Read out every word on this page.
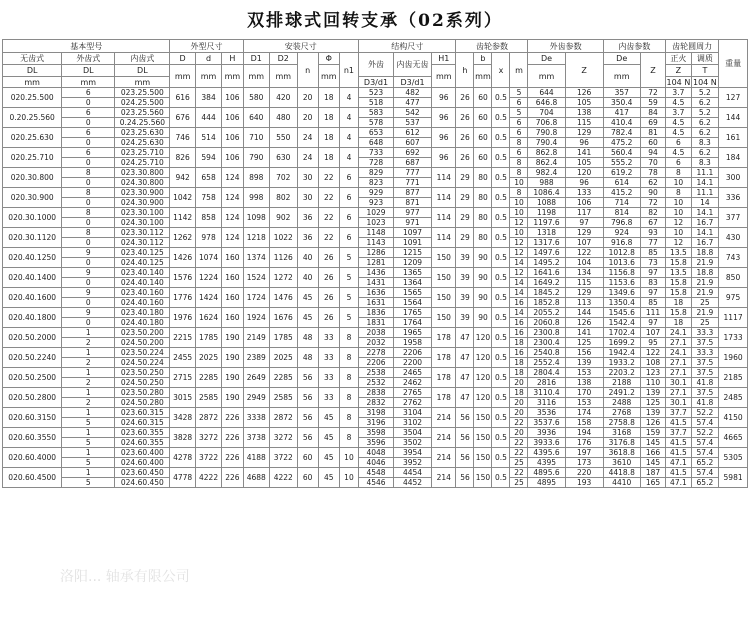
双排球式回转支承（02系列）
基本型号			外型尺寸			安装尺寸					结构尺寸			齿轮参数				外齿参数		内齿参数		齿轮圆周力		重量
无齿式	外齿式	内齿式	D	d	H	D1	D2	n	Φ	n1	外齿	内齿无齿	H1	h	b	x	m	De	Z	De	Z	正火	调质	
DL	DL	DL	mm	mm	mm	mm	mm		mm				mm		mm			mm		mm		Z	T	
mm	mm	mm									D3/d1	D3/d1										104 N	104 N	
020.25.500	6	023.25.500	616	384	106	580	420	20	18	4	523	482	96	26	60	0.5	5	644	126	357	72	3.7	5.2	127
	0	024.25.500									518	477					6	646.8	105	350.4	59	4.5	6.2	
0.20.25.560	6	023.25.560	676	444	106	640	480	20	18	4	583	542	96	26	60	0.5	5	704	138	417	84	3.7	5.2	144
	0	0.24.25.560									578	537					6	706.8	115	410.4	69	4.5	6.2	
020.25.630	6	023.25.630	746	514	106	710	550	24	18	4	653	612	96	26	60	0.5	6	790.8	129	782.4	81	4.5	6.2	161
	0	024.25.630									648	607					8	790.4	96	475.2	60	6	8.3	
020.25.710	6	023.25.710	826	594	106	790	630	24	18	4	733	692	96	26	60	0.5	6	862.8	141	560.4	94	4.5	6.2	184
	0	024.25.710									728	687					8	862.4	105	555.2	70	6	8.3	
020.30.800	8	023.30.800	942	658	124	898	702	30	22	6	829	777	114	29	80	0.5	8	982.4	120	619.2	78	8	11.1	300
	0	024.30.800									823	771					10	988	96	614	62	10	14.1	
020.30.900	8	023.30.900	1042	758	124	998	802	30	22	6	929	877	114	29	80	0.5	8	1086.4	133	415.2	90	8	11.1	336
	0	024.30.900									923	871					10	1088	106	714	72	10	14	
020.30.1000	8	023.30.100	1142	858	124	1098	902	36	22	6	1029	977	114	29	80	0.5	10	1198	117	814	82	10	14.1	377
	0	024.30.100									1023	971					12	1197.6	97	796.8	67	12	16.7	
020.30.1120	8	023.30.112	1262	978	124	1218	1022	36	22	6	1148	1097	114	29	80	0.5	10	1318	129	924	93	10	14.1	430
	0	024.30.112									1143	1091					12	1317.6	107	916.8	77	12	16.7	
020.40.1250	9	023.40.125	1426	1074	160	1374	1126	40	26	5	1286	1215	150	39	90	0.5	12	1497.6	122	1012.8	85	13.5	18.8	743
	0	024.40.125									1281	1209					14	1495.2	104	1013.6	73	15.8	21.9	
020.40.1400	9	023.40.140	1576	1224	160	1524	1272	40	26	5	1436	1365	150	39	90	0.5	12	1641.6	134	1156.8	97	13.5	18.8	850
	0	024.40.140									1431	1364					14	1649.2	115	1153.6	83	15.8	21.9	
020.40.1600	9	023.40.160	1776	1424	160	1724	1476	45	26	5	1636	1565	150	39	90	0.5	14	1845.2	129	1349.6	97	15.8	21.9	975
	0	024.40.160									1631	1564					16	1852.8	113	1350.4	85	18	25	
020.40.1800	9	023.40.180	1976	1624	160	1924	1676	45	26	5	1836	1765	150	39	90	0.5	14	2055.2	144	1545.6	111	15.8	21.9	1117
	0	024.40.180									1831	1764					16	2060.8	126	1542.4	97	18	25	
020.50.2000	1	023.50.200	2215	1785	190	2149	1785	48	33	8	2038	1965	178	47	120	0.5	16	2300.8	141	1702.4	107	24.1	33.3	1733
	2	024.50.200									2032	1958					18	2300.4	125	1699.2	95	27.1	37.5	
020.50.2240	1	023.50.224	2455	2025	190	2389	2025	48	33	8	2278	2206	178	47	120	0.5	16	2540.8	156	1942.4	122	24.1	33.3	1960
	2	024.50.224									2206	2200					18	2552.4	139	1933.2	108	27.1	37.5	
020.50.2500	1	023.50.250	2715	2285	190	2649	2285	56	33	8	2538	2465	178	47	120	0.5	18	2804.4	153	2203.2	123	27.1	37.5	2185
	2	024.50.250									2532	2462					20	2816	138	2188	110	30.1	41.8	
020.50.2800	1	023.50.280	3015	2585	190	2949	2585	56	33	8	2838	2765	178	47	120	0.5	18	3110.4	170	2491.2	139	27.1	37.5	2485
	2	024.50.280									2832	2762					20	3116	153	2488	125	30.1	41.8	
020.60.3150	1	023.60.315	3428	2872	226	3338	2872	56	45	8	3198	3104	214	56	150	0.5	20	3536	174	2768	139	37.7	52.2	4150
	5	024.60.315									3196	3102					22	3537.6	158	2758.8	126	41.5	57.4	
020.60.3550	1	023.60.355	3828	3272	226	3738	3272	56	45	8	3598	3504	214	56	150	0.5	20	3936	194	3168	159	37.7	52.2	4665
	5	024.60.355									3596	3502					22	3933.6	176	3176.8	145	41.5	57.4	
020.60.4000	1	023.60.400	4278	3722	226	4188	3722	60	45	10	4048	3954	214	56	150	0.5	22	4395.6	197	3618.8	166	41.5	57.4	5305
	5	024.60.400									4046	3952					25	4395	173	3610	145	47.1	65.2	
020.60.4500	1	023.60.450	4778	4222	226	4688	4222	60	45	10	4548	4454	214	56	150	0.5	22	4895.6	220	4418.8	187	41.5	57.4	5981
	5	024.60.450									4546	4452					25	4895	193	4410	165	47.1	65.2	
洛阳... 轴承有限公司
